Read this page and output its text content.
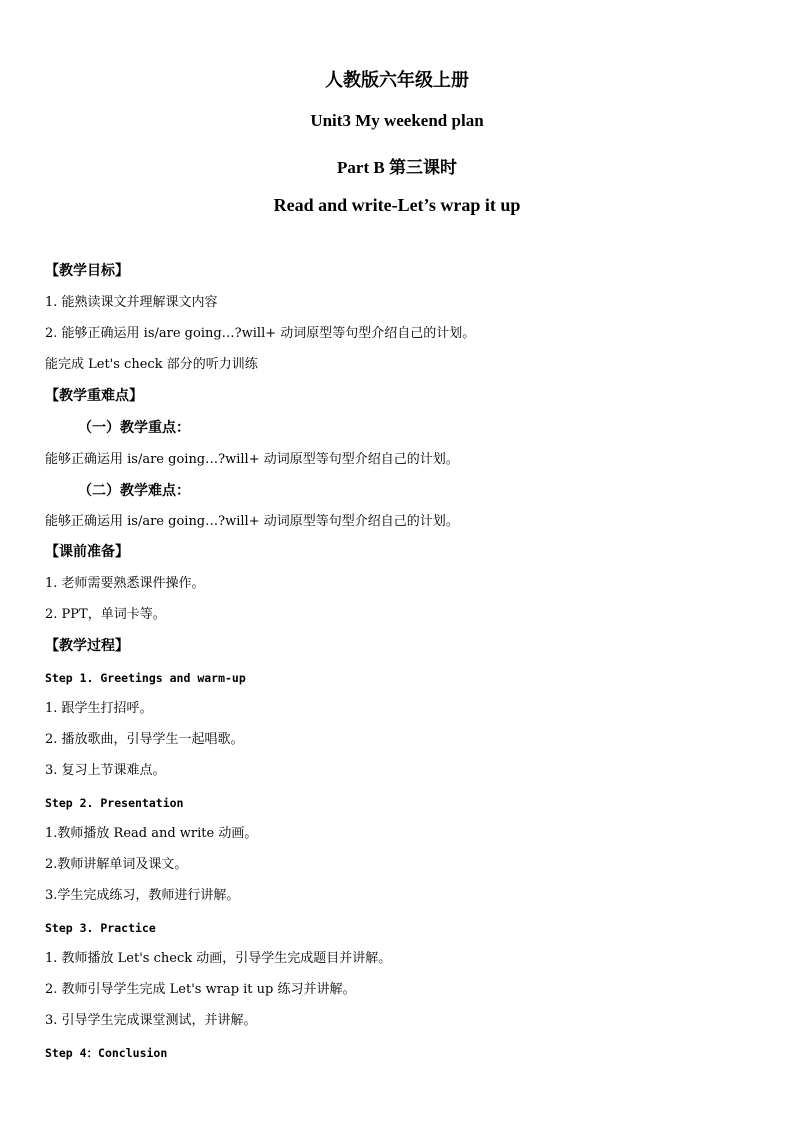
人教版六年级上册
Unit3 My weekend plan
Part B 第三课时
Read and write-Let’s wrap it up
【教学目标】
1. 能熟读课文并理解课文内容
2. 能够正确运用 is/are going…?will+ 动词原型等句型介绍自己的计划。
能完成 Let's check 部分的听力训练
【教学重难点】
（一）教学重点：
能够正确运用 is/are going…?will+ 动词原型等句型介绍自己的计划。
（二）教学难点：
能够正确运用 is/are going…?will+ 动词原型等句型介绍自己的计划。
【课前准备】
1. 老师需要熟悉课件操作。
2. PPT，单词卡等。
【教学过程】
Step 1. Greetings and warm-up
1. 跟学生打招呼。
2. 播放歌曲，引导学生一起唱歌。
3. 复习上节课难点。
Step 2. Presentation
1.教师播放 Read and write 动画。
2.教师讲解单词及课文。
3.学生完成练习，教师进行讲解。
Step 3. Practice
1. 教师播放 Let's check 动画，引导学生完成题目并讲解。
2. 教师引导学生完成 Let's wrap it up 练习并讲解。
3. 引导学生完成课堂测试，并讲解。
Step 4：Conclusion
